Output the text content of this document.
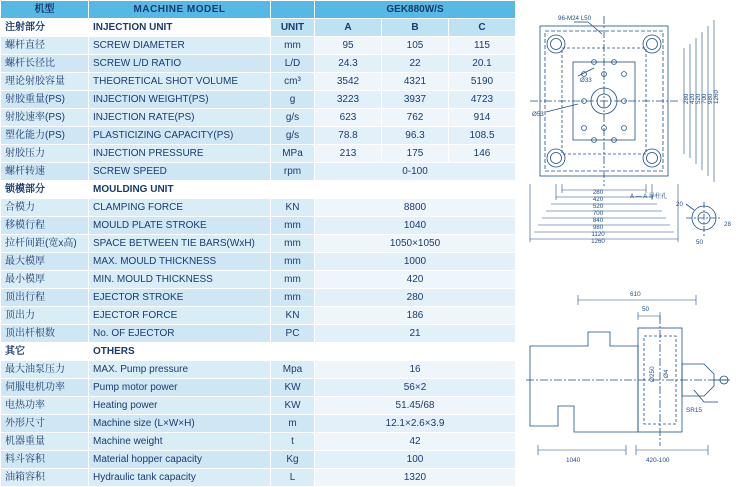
机型	MACHINE MODEL		GEK880W/S		
注射部分	INJECTION UNIT	UNIT	A	B	C
螺杆直径	SCREW DIAMETER	mm	95	105	115
螺杆长径比	SCREW L/D RATIO	L/D	24.3	22	20.1
理论射胶容量	THEORETICAL SHOT VOLUME	cm³	3542	4321	5190
射胶重量(PS)	INJECTION WEIGHT(PS)	g	3223	3937	4723
射胶速率(PS)	INJECTION RATE(PS)	g/s	623	762	914
塑化能力(PS)	PLASTICIZING CAPACITY(PS)	g/s	78.8	96.3	108.5
射胶压力	INJECTION PRESSURE	MPa	213	175	146
螺杆转速	SCREW SPEED	rpm	0-100		
锁模部分	MOULDING UNIT				
合模力	CLAMPING FORCE	KN	8800		
移模行程	MOULD PLATE STROKE	mm	1040		
拉杆间距(宽x高)	SPACE BETWEEN TIE BARS(WxH)	mm	1050×1050		
最大模厚	MAX. MOULD THICKNESS	mm	1000		
最小模厚	MIN. MOULD THICKNESS	mm	420		
顶出行程	EJECTOR STROKE	mm	280		
顶出力	EJECTOR FORCE	KN	186		
顶出杆根数	No. OF EJECTOR	PC	21		
其它	OTHERS				
最大油泵压力	MAX. Pump pressure	Mpa	16		
伺服电机功率	Pump motor power	KW	56×2		
电热功率	Heating power	KW	51.45/68		
外形尺寸	Machine size (L×W×H)	m	12.1×2.6×3.9		
机器重量	Machine weight	t	42		
料斗容积	Material hopper capacity	Kg	100		
油箱容积	Hydraulic tank capacity	L	1320		
96-M24 L50
Ø33
Ø53
280
420
520
700
840
980
1120
1260
280 420 520 700 980 1260
A — A 导柱孔
20
50
28
610
50
Ø250 Ø4
SR15
1040	420-100
